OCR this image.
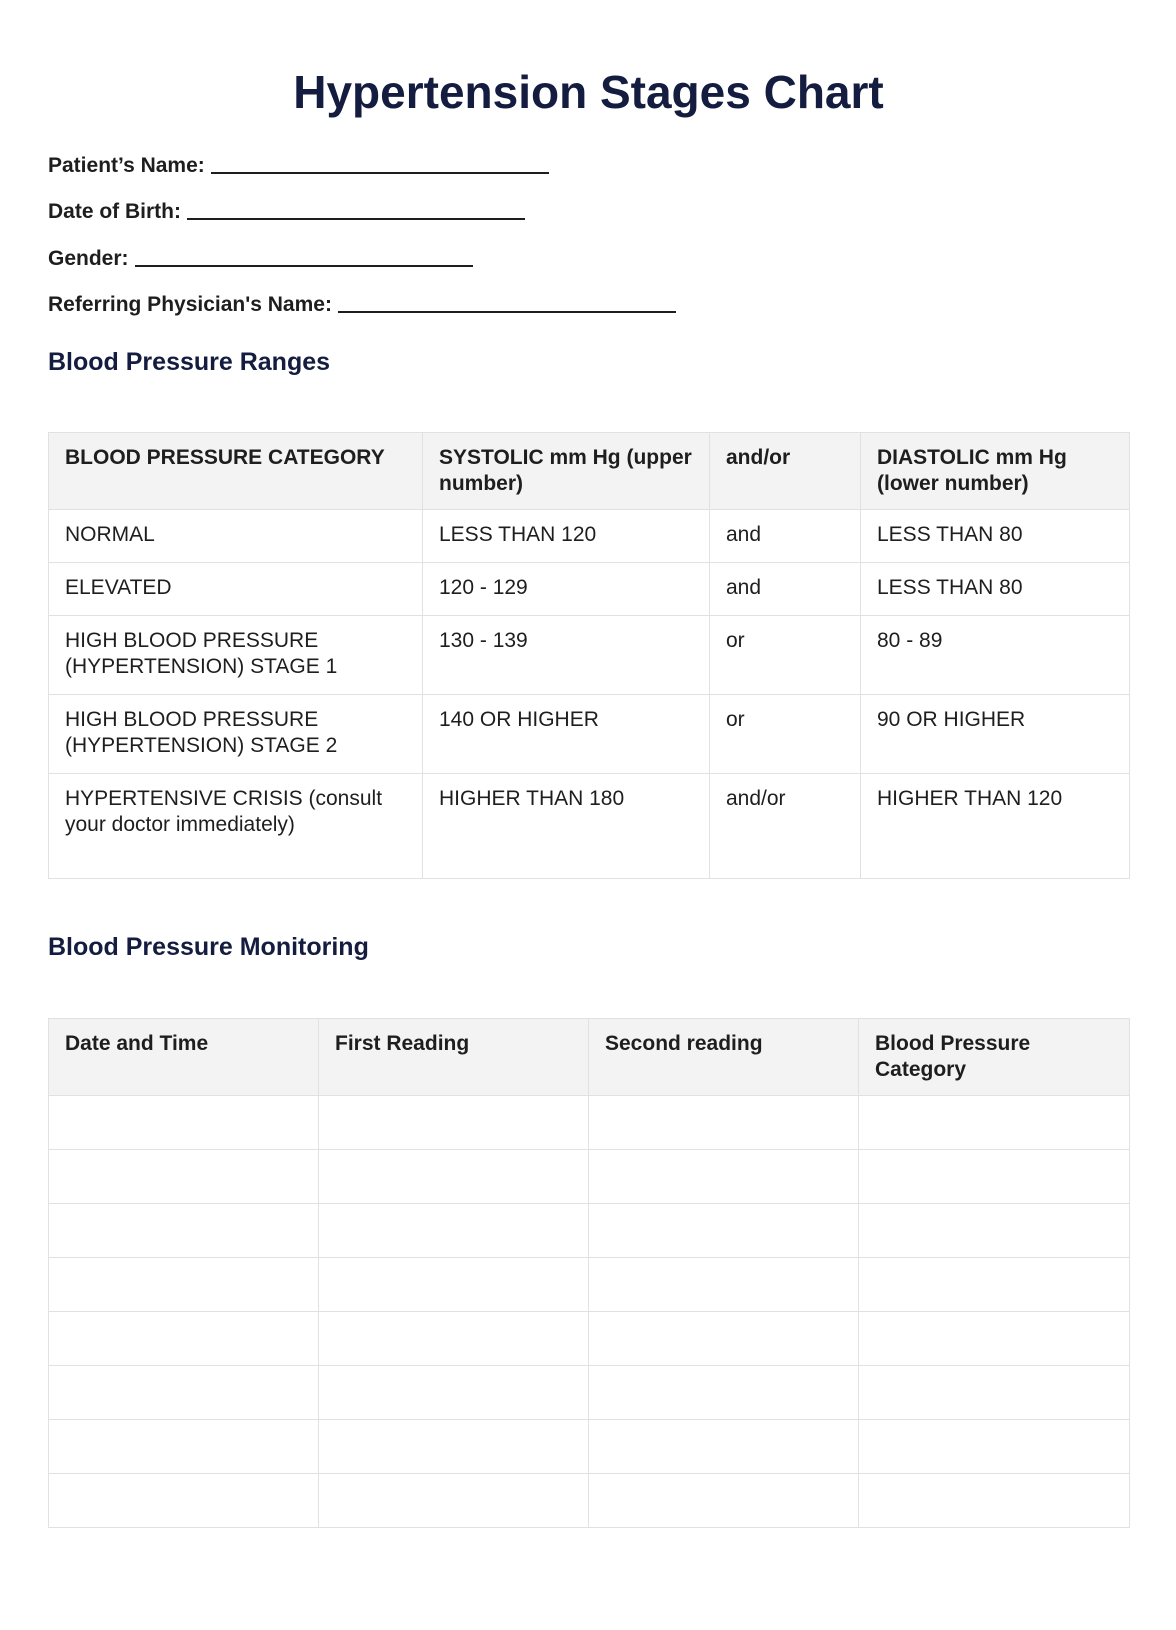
Hypertension Stages Chart
Patient’s Name:
Date of Birth:
Gender:
Referring Physician's Name:
Blood Pressure Ranges
BLOOD PRESSURE CATEGORY	SYSTOLIC mm Hg (upper number)	and/or	DIASTOLIC mm Hg (lower number)
NORMAL	LESS THAN 120	and	LESS THAN 80
ELEVATED	120 - 129	and	LESS THAN 80
HIGH BLOOD PRESSURE (HYPERTENSION) STAGE 1	130 - 139	or	80 - 89
HIGH BLOOD PRESSURE (HYPERTENSION) STAGE 2	140 OR HIGHER	or	90 OR HIGHER
HYPERTENSIVE CRISIS (consult your doctor immediately)	HIGHER THAN 180	and/or	HIGHER THAN 120
Blood Pressure Monitoring
Date and Time	First Reading	Second reading	Blood Pressure Category
